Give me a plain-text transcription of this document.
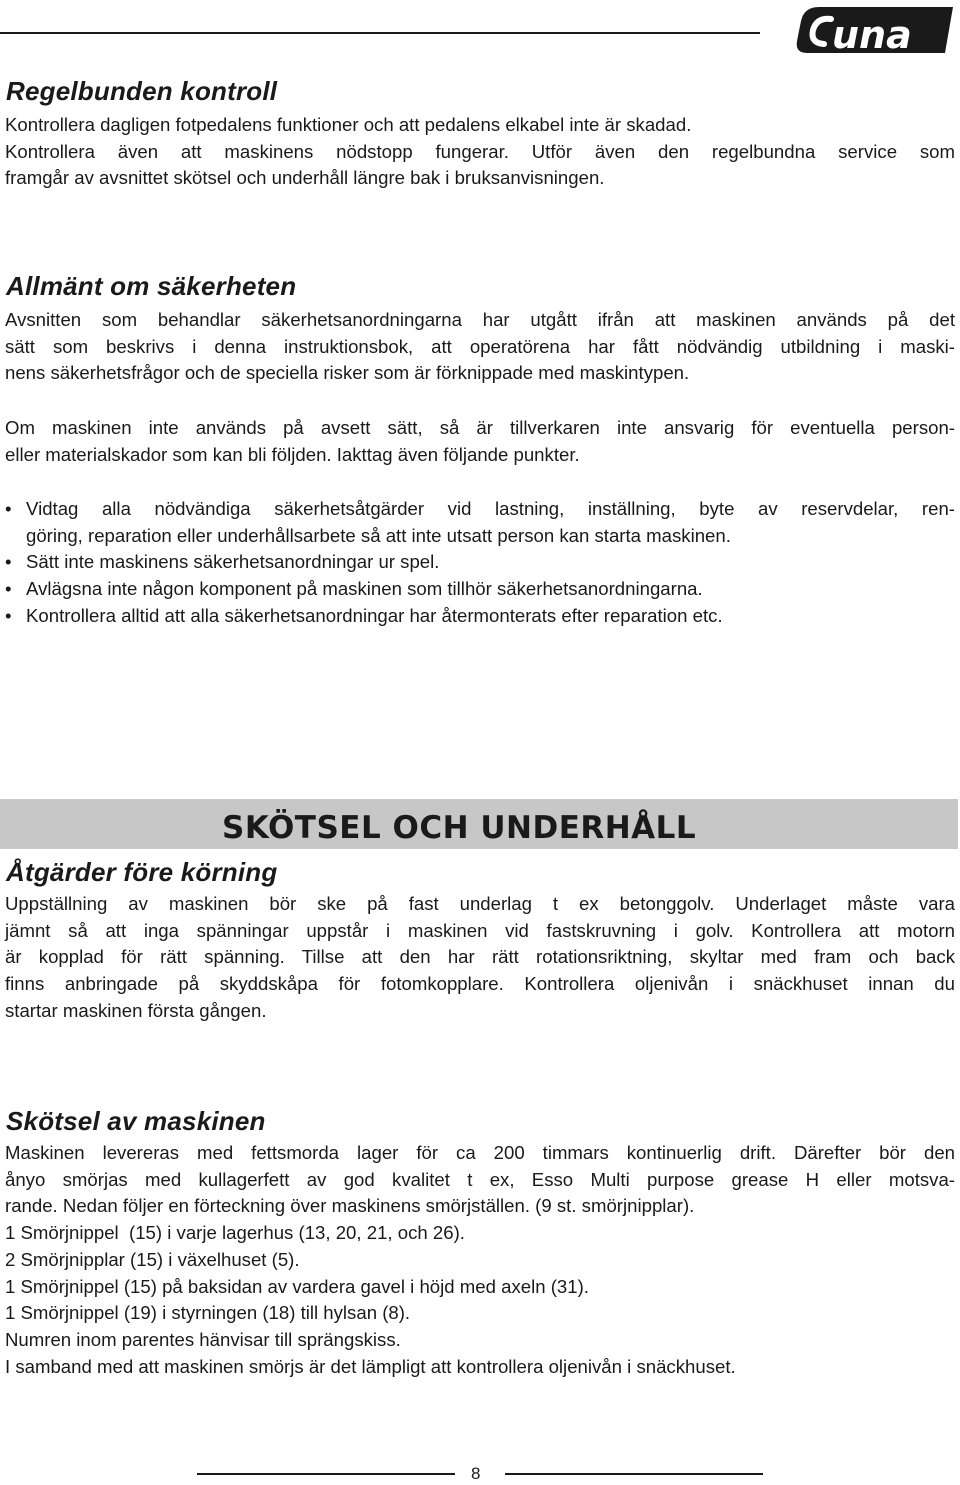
una
Regelbunden kontroll

Kontrollera dagligen fotpedalens funktioner och att pedalens elkabel inte är skadad.
Kontrollera även att maskinens nödstopp fungerar. Utför även den regelbundna service som
framgår av avsnittet skötsel och underhåll längre bak i bruksanvisningen.

Allmänt om säkerheten

Avsnitten som behandlar säkerhetsanordningarna har utgått ifrån att maskinen används på det
sätt som beskrivs i denna instruktionsbok, att operatörena har fått nödvändig utbildning i maski-
nens säkerhetsfrågor och de speciella risker som är förknippade med maskintypen.

Om maskinen inte används på avsett sätt, så är tillverkaren inte ansvarig för eventuella person-
eller materialskador som kan bli följden. Iakttag även följande punkter.

• Vidtag alla nödvändiga säkerhetsåtgärder vid lastning, inställning, byte av reservdelar, ren-
göring, reparation eller underhållsarbete så att inte utsatt person kan starta maskinen.
• Sätt inte maskinens säkerhetsanordningar ur spel.
• Avlägsna inte någon komponent på maskinen som tillhör säkerhetsanordningarna.
• Kontrollera alltid att alla säkerhetsanordningar har återmonterats efter reparation etc.
SKÖTSEL OCH UNDERHÅLL
Åtgärder före körning

Uppställning av maskinen bör ske på fast underlag t ex betonggolv. Underlaget måste vara
jämnt så att inga spänningar uppstår i maskinen vid fastskruvning i golv. Kontrollera att motorn
är kopplad för rätt spänning. Tillse att den har rätt rotationsriktning, skyltar med fram och back
finns anbringade på skyddskåpa för fotomkopplare. Kontrollera oljenivån i snäckhuset innan du
startar maskinen första gången.

Skötsel av maskinen

Maskinen levereras med fettsmorda lager för ca 200 timmars kontinuerlig drift. Därefter bör den
ånyo smörjas med kullagerfett av god kvalitet t ex, Esso Multi purpose grease H eller motsva-
rande. Nedan följer en förteckning över maskinens smörjställen. (9 st. smörjnipplar).
1 Smörjnippel  (15) i varje lagerhus (13, 20, 21, och 26).
2 Smörjnipplar (15) i växelhuset (5).
1 Smörjnippel (15) på baksidan av vardera gavel i höjd med axeln (31).
1 Smörjnippel (19) i styrningen (18) till hylsan (8).
Numren inom parentes hänvisar till sprängskiss.
I samband med att maskinen smörjs är det lämpligt att kontrollera oljenivån i snäckhuset.

8
